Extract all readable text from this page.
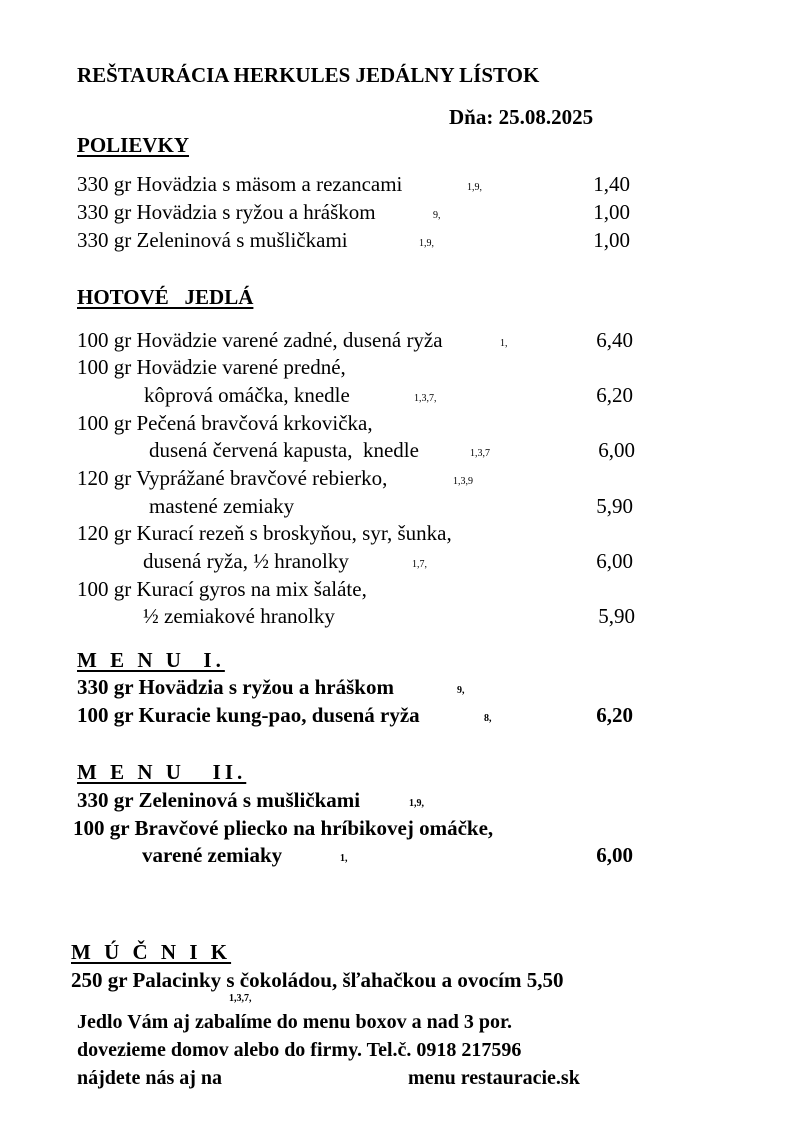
REŠTAURÁCIA HERKULES JEDÁLNY LÍSTOK
Dňa: 25.08.2025
POLIEVKY
330 gr Hovädzia s mäsom a rezancami	1,9,	1,40
330 gr Hovädzia s ryžou a hráškom	9,	1,00
330 gr Zeleninová s mušličkami	1,9,	1,00
HOTOVÉ   JEDLÁ
100 gr Hovädzie varené zadné, dusená ryža	1,	6,40
100 gr Hovädzie varené predné,
kôprová omáčka, knedle	1,3,7,	6,20
100 gr Pečená bravčová krkovička,
dusená červená kapusta,  knedle	1,3,7	6,00
120 gr Vyprážané bravčové rebierko,	1,3,9
mastené zemiaky	5,90
120 gr Kurací rezeň s broskyňou, syr, šunka,
dusená ryža, ½ hranolky	1,7,	6,00
100 gr Kurací gyros na mix šaláte,
½ zemiakové hranolky	5,90
M E N U  I.
330 gr Hovädzia s ryžou a hráškom	9,
100 gr Kuracie kung-pao, dusená ryža	8,	6,20
M E N U   II.
330 gr Zeleninová s mušličkami	1,9,
100 gr Bravčové pliecko na hríbikovej omáčke,
varené zemiaky	1,	6,00
M Ú Č N I K
250 gr Palacinky s čokoládou, šľahačkou a ovocím 5,50
1,3,7,
Jedlo Vám aj zabalíme do menu boxov a nad 3 por.
dovezieme domov alebo do firmy. Tel.č. 0918 217596
nájdete nás aj na	menu restauracie.sk
